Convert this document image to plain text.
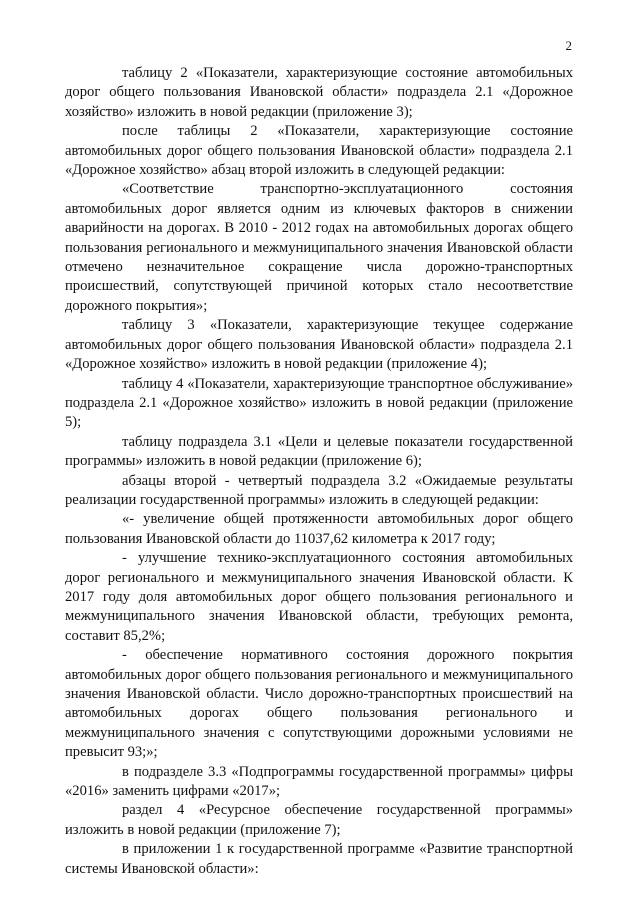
2

таблицу 2 «Показатели, характеризующие состояние автомобильных дорог общего пользования Ивановской области» подраздела 2.1 «Дорожное хозяйство» изложить в новой редакции (приложение 3);

после таблицы 2 «Показатели, характеризующие состояние автомобильных дорог общего пользования Ивановской области» подраздела 2.1 «Дорожное хозяйство» абзац второй изложить в следующей редакции:

«Соответствие транспортно-эксплуатационного состояния автомобильных дорог является одним из ключевых факторов в снижении аварийности на дорогах. В 2010 - 2012 годах на автомобильных дорогах общего пользования регионального и межмуниципального значения Ивановской области отмечено незначительное сокращение числа дорожно-транспортных происшествий, сопутствующей причиной которых стало несоответствие дорожного покрытия»;

таблицу 3 «Показатели, характеризующие текущее содержание автомобильных дорог общего пользования Ивановской области» подраздела 2.1 «Дорожное хозяйство» изложить в новой редакции (приложение 4);

таблицу 4 «Показатели, характеризующие транспортное обслуживание» подраздела 2.1 «Дорожное хозяйство» изложить в новой редакции (приложение 5);

таблицу подраздела 3.1 «Цели и целевые показатели государственной программы» изложить в новой редакции (приложение 6);

абзацы второй - четвертый подраздела 3.2 «Ожидаемые результаты реализации государственной программы» изложить в следующей редакции:

«- увеличение общей протяженности автомобильных дорог общего пользования Ивановской области до 11037,62 километра к 2017 году;

- улучшение технико-эксплуатационного состояния автомобильных дорог регионального и межмуниципального значения Ивановской области. К 2017 году доля автомобильных дорог общего пользования регионального и межмуниципального значения Ивановской области, требующих ремонта, составит 85,2%;

- обеспечение нормативного состояния дорожного покрытия автомобильных дорог общего пользования регионального и межмуниципального значения Ивановской области. Число дорожно-транспортных происшествий на автомобильных дорогах общего пользования регионального и межмуниципального значения с сопутствующими дорожными условиями не превысит 93;»;

в подразделе 3.3 «Подпрограммы государственной программы» цифры «2016» заменить цифрами «2017»;

раздел 4 «Ресурсное обеспечение государственной программы» изложить в новой редакции (приложение 7);

в приложении 1 к государственной программе «Развитие транспортной системы Ивановской области»:
